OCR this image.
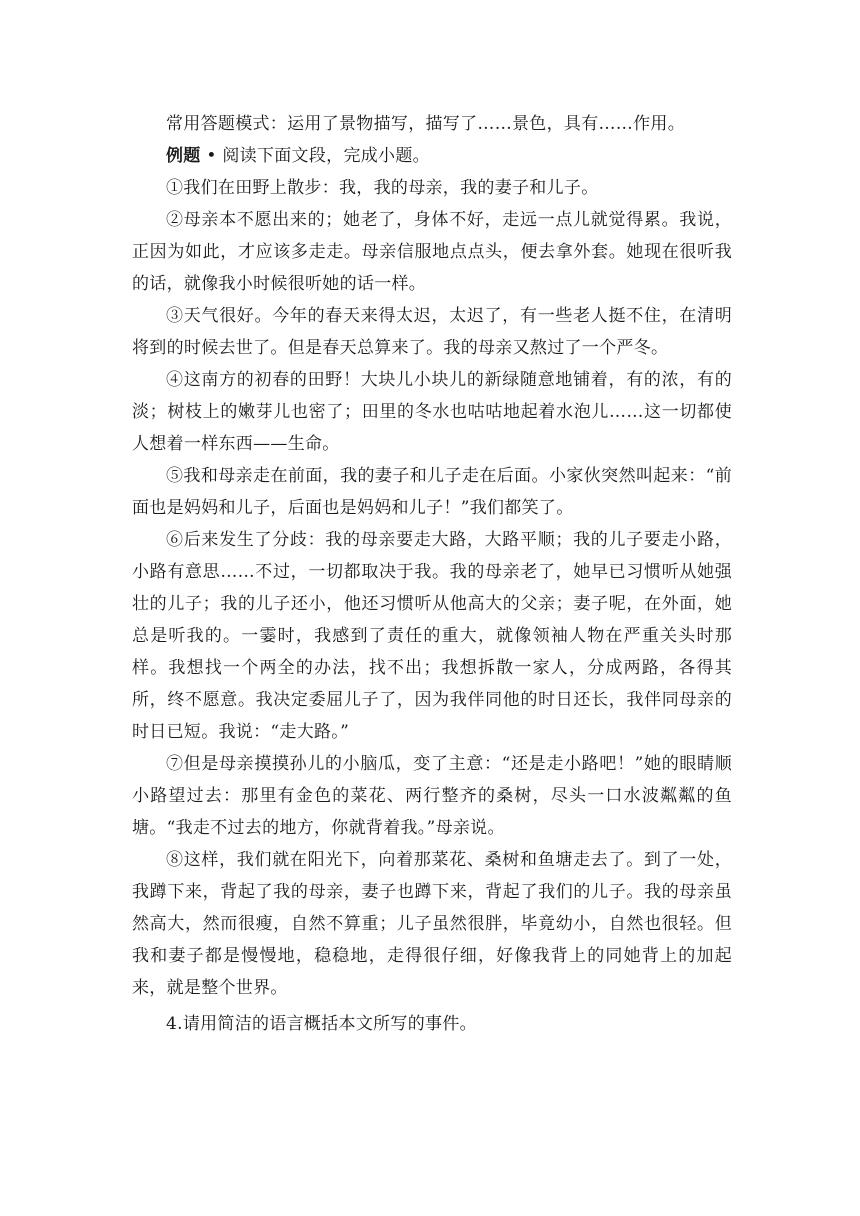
常用答题模式：运用了景物描写，描写了……景色，具有……作用。

例题 • 阅读下面文段，完成小题。

①我们在田野上散步：我，我的母亲，我的妻子和儿子。

②母亲本不愿出来的；她老了，身体不好，走远一点儿就觉得累。我说，正因为如此，才应该多走走。母亲信服地点点头，便去拿外套。她现在很听我的话，就像我小时候很听她的话一样。

③天气很好。今年的春天来得太迟，太迟了，有一些老人挺不住，在清明将到的时候去世了。但是春天总算来了。我的母亲又熬过了一个严冬。

④这南方的初春的田野！大块儿小块儿的新绿随意地铺着，有的浓，有的淡；树枝上的嫩芽儿也密了；田里的冬水也咕咕地起着水泡儿……这一切都使人想着一样东西——生命。

⑤我和母亲走在前面，我的妻子和儿子走在后面。小家伙突然叫起来：“前面也是妈妈和儿子，后面也是妈妈和儿子！”我们都笑了。

⑥后来发生了分歧：我的母亲要走大路，大路平顺；我的儿子要走小路，小路有意思……不过，一切都取决于我。我的母亲老了，她早已习惯听从她强壮的儿子；我的儿子还小，他还习惯听从他高大的父亲；妻子呢，在外面，她总是听我的。一霎时，我感到了责任的重大，就像领袖人物在严重关头时那样。我想找一个两全的办法，找不出；我想拆散一家人，分成两路，各得其所，终不愿意。我决定委屈儿子了，因为我伴同他的时日还长，我伴同母亲的时日已短。我说：“走大路。”

⑦但是母亲摸摸孙儿的小脑瓜，变了主意：“还是走小路吧！”她的眼睛顺小路望过去：那里有金色的菜花、两行整齐的桑树，尽头一口水波粼粼的鱼塘。“我走不过去的地方，你就背着我。”母亲说。

⑧这样，我们就在阳光下，向着那菜花、桑树和鱼塘走去了。到了一处，我蹲下来，背起了我的母亲，妻子也蹲下来，背起了我们的儿子。我的母亲虽然高大，然而很瘦，自然不算重；儿子虽然很胖，毕竟幼小，自然也很轻。但我和妻子都是慢慢地，稳稳地，走得很仔细，好像我背上的同她背上的加起来，就是整个世界。

4.请用简洁的语言概括本文所写的事件。
